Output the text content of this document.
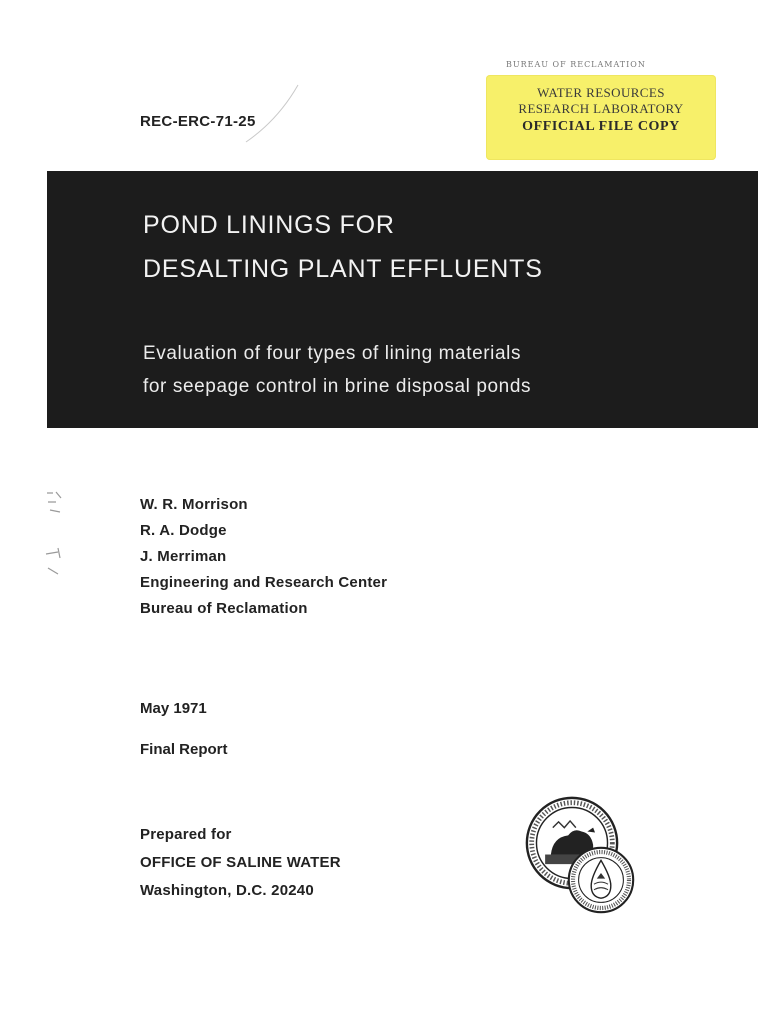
REC-ERC-71-25
BUREAU OF RECLAMATION
WATER RESOURCES
RESEARCH LABORATORY
OFFICIAL FILE COPY
POND LININGS FOR
DESALTING PLANT EFFLUENTS
Evaluation of four types of lining materials
for seepage control in brine disposal ponds
W. R. Morrison
R. A. Dodge
J. Merriman
Engineering and Research Center
Bureau of Reclamation
May 1971
Final Report
Prepared for
OFFICE OF SALINE WATER
Washington, D.C. 20240
